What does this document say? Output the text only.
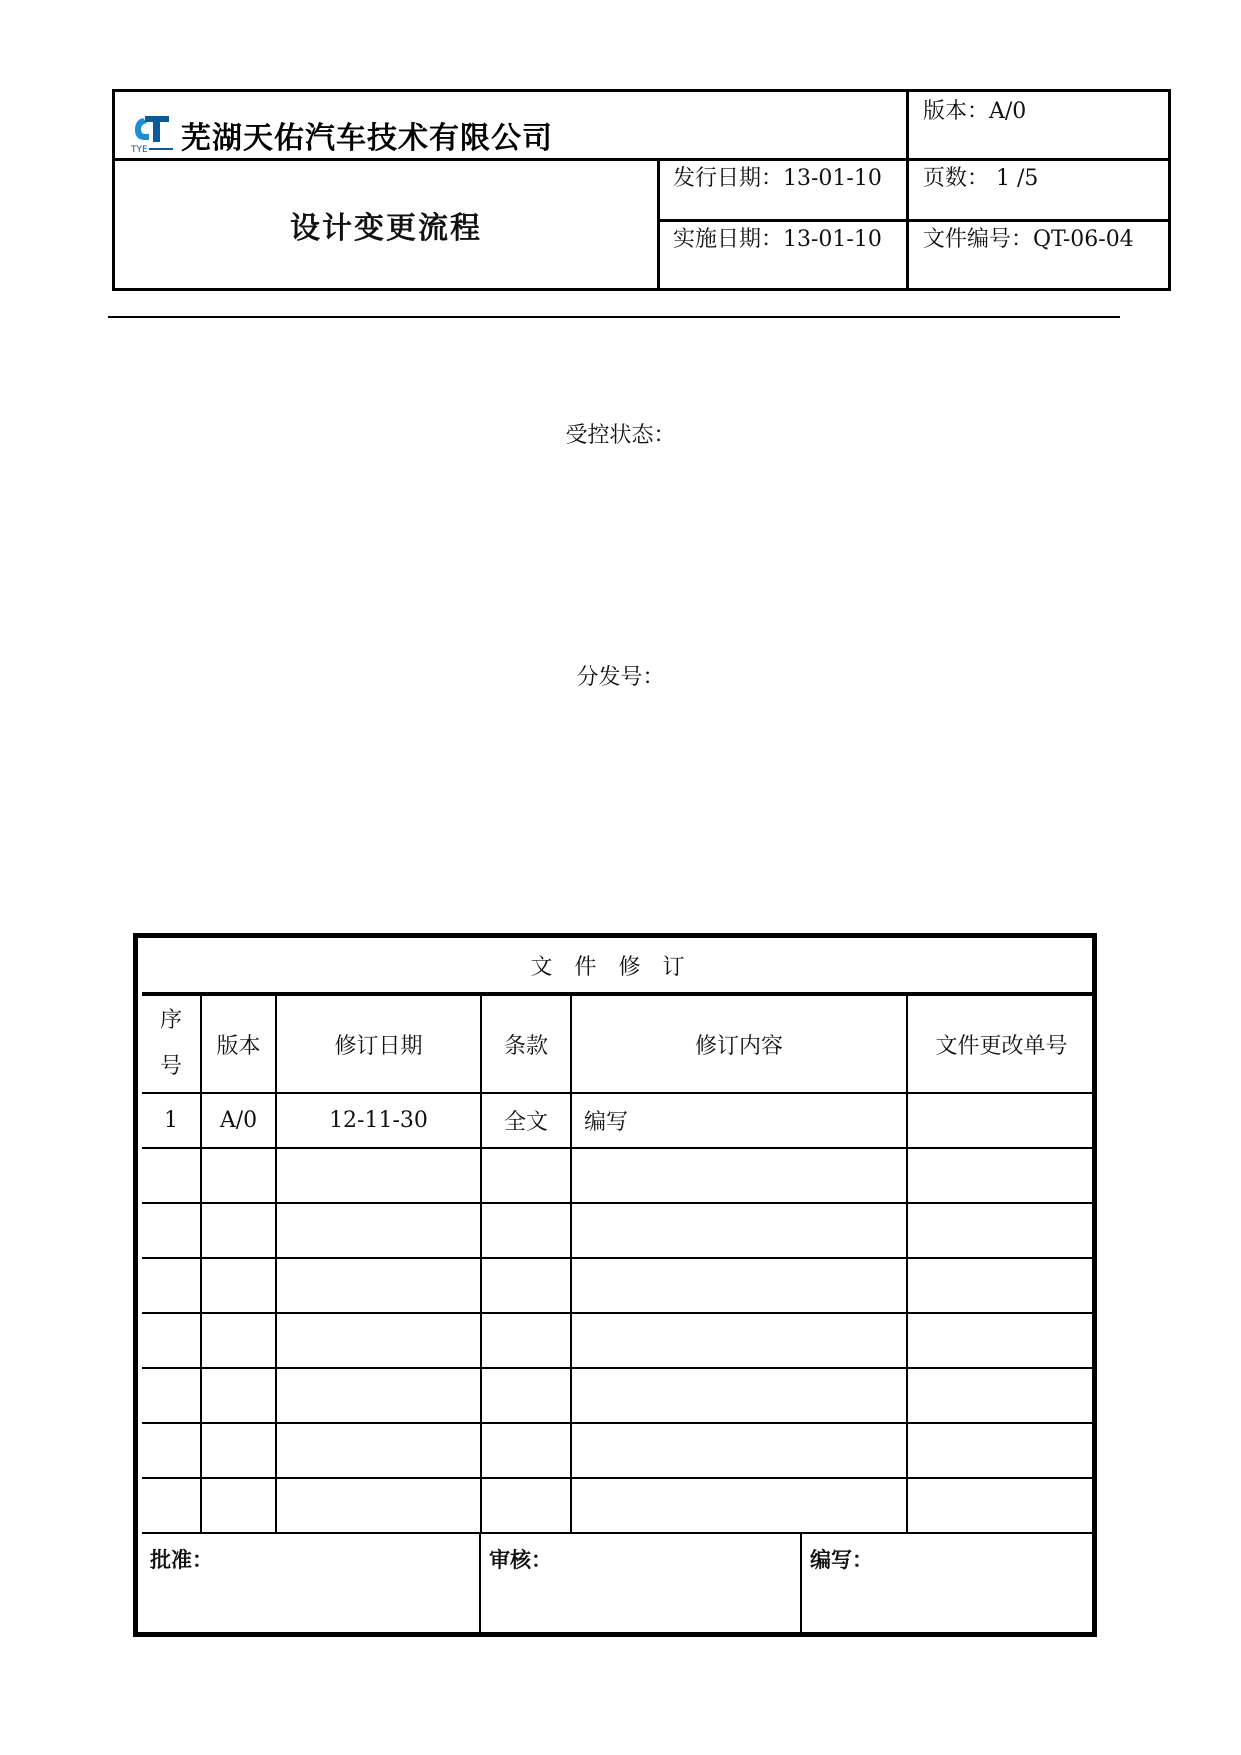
TYE 芜湖天佑汽车技术有限公司
设计变更流程
版本：A/0
发行日期：13-01-10 页数： 1 /5
实施日期：13-01-10 文件编号：QT-06-04
受控状态：
分发号：
文件修订					
序号	版本	修订日期	条款	修订内容	文件更改单号
1	A/0	12-11-30	全文	编写	

批准：	审核：	编写：
